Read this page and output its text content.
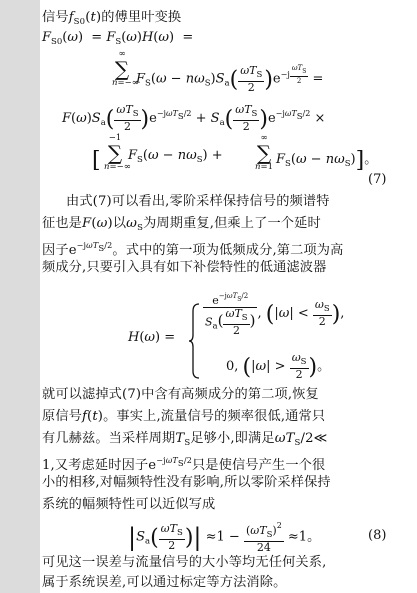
信号$f_{S0}(t)$的傅里叶变换
$F_{S0}(\omega) = F_S(\omega)H(\omega)$  =
∞
∑
n=−∞
$F_S(\omega - n\omega_S)S_a( \frac{\omega T_S}{2} )e^{-j \frac{\omega T_S}{2}}$ =
$F(\omega)S_a( \frac{\omega T_S}{2} )e^{-j\omega T_S/2} + S_a( \frac{\omega T_S}{2} )e^{-j\omega T_S/2}$ ×
[
−1
∑
n=−∞
$F_S(\omega - n\omega_S)$ +
∞
∑
n=1 $F_S(\omega - n\omega_S)$]。
(7)
由式(7)可以看出,零阶采样保持信号的频谱特
征也是F(ω)以$\omega_S$为周期重复,但乘上了一个延时
因子$e^{-j\omega T_S/2}$。式中的第一项为低频成分,第二项为高
频成分,只要引入具有如下补偿特性的低通滤波器
H(ω) =
$\frac{e^{-j\omega T_S/2}}{S_a( \frac{\omega T_S}{2} )}$ , ($|\omega| < \frac{\omega_S}{2}$ ),
0, ($|\omega| > \frac{\omega_S}{2}$ )。
就可以滤掉式(7)中含有高频成分的第二项,恢复
原信号f(t)。事实上,流量信号的频率很低,通常只
有几赫兹。当采样周期$T_S$足够小,即满足$\omega T_S/2≪$
1,又考虑延时因子$e^{-j\omega T_S/2}$只是使信号产生一个很
小的相移,对幅频特性没有影响,所以零阶采样保持
系统的幅频特性可以近似写成
$|S_a( \frac{\omega T_S}{2}$ )| $\approx 1 - \frac{(\omega T_S)^2}{24} \approx 1$。	(8)
可见这一误差与流量信号的大小等均无任何关系,
属于系统误差,可以通过标定等方法消除。
